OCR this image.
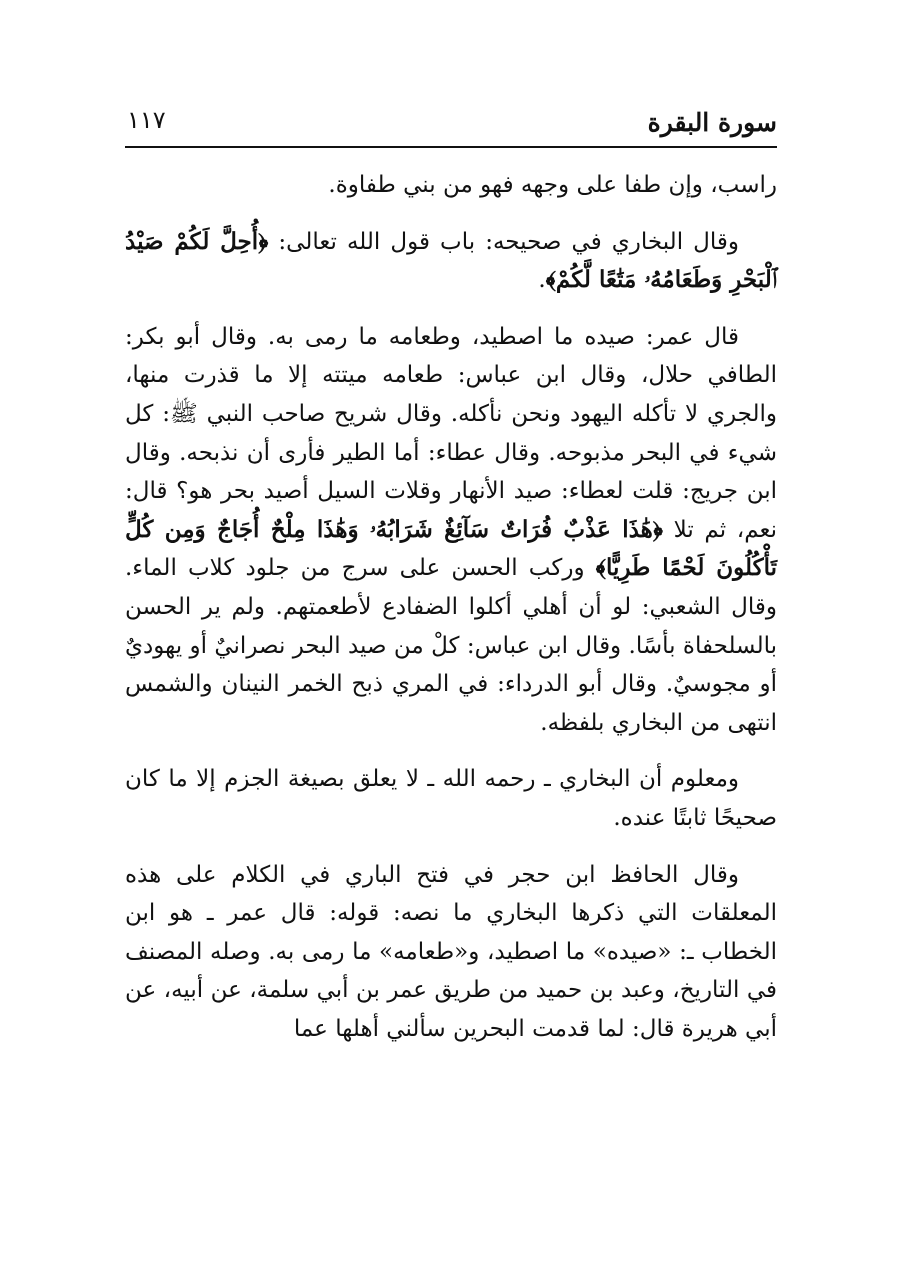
سورة البقرة
١١٧

راسب، وإن طفا على وجهه فهو من بني طفاوة.

وقال البخاري في صحيحه: باب قول الله تعالى: ﴿أُحِلَّ لَكُمْ صَيْدُ ٱلْبَحْرِ وَطَعَامُهُۥ مَتَٰعًا لَّكُمْ﴾.

قال عمر: صيده ما اصطيد، وطعامه ما رمى به. وقال أبو بكر: الطافي حلال، وقال ابن عباس: طعامه ميتته إلا ما قذرت منها، والجري لا تأكله اليهود ونحن نأكله. وقال شريح صاحب النبي ﷺ: كل شيء في البحر مذبوحه. وقال عطاء: أما الطير فأرى أن نذبحه. وقال ابن جريج: قلت لعطاء: صيد الأنهار وقلات السيل أصيد بحر هو؟ قال: نعم، ثم تلا ﴿هَٰذَا عَذْبٌ فُرَاتٌ سَآئِغٌ شَرَابُهُۥ وَهَٰذَا مِلْحٌ أُجَاجٌ وَمِن كُلٍّ تَأْكُلُونَ لَحْمًا طَرِيًّا﴾ وركب الحسن على سرج من جلود كلاب الماء. وقال الشعبي: لو أن أهلي أكلوا الضفادع لأطعمتهم. ولم ير الحسن بالسلحفاة بأسًا. وقال ابن عباس: كلْ من صيد البحر نصرانيٌ أو يهوديٌ أو مجوسيٌ. وقال أبو الدرداء: في المري ذبح الخمر النينان والشمس انتهى من البخاري بلفظه.

ومعلوم أن البخاري ـ رحمه الله ـ لا يعلق بصيغة الجزم إلا ما كان صحيحًا ثابتًا عنده.

وقال الحافظ ابن حجر في فتح الباري في الكلام على هذه المعلقات التي ذكرها البخاري ما نصه: قوله: قال عمر ـ هو ابن الخطاب ـ: «صيده» ما اصطيد، و«طعامه» ما رمى به. وصله المصنف في التاريخ، وعبد بن حميد من طريق عمر بن أبي سلمة، عن أبيه، عن أبي هريرة قال: لما قدمت البحرين سألني أهلها عما
